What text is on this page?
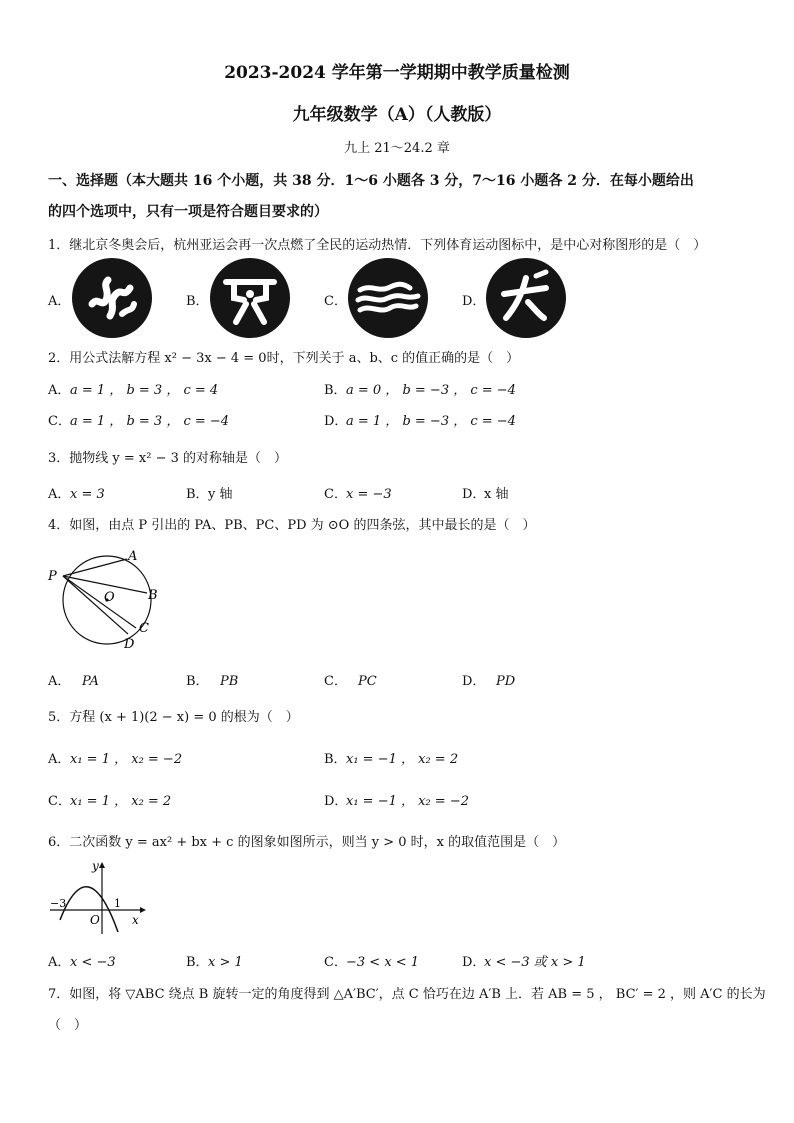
2023-2024 学年第一学期期中教学质量检测
九年级数学（A）（人教版）
九上 21～24.2 章
一、选择题（本大题共 16 个小题，共 38 分．1～6 小题各 3 分，7～16 小题各 2 分．在每小题给出
的四个选项中，只有一项是符合题目要求的）
1．继北京冬奥会后，杭州亚运会再一次点燃了全民的运动热情．下列体育运动图标中，是中心对称图形的是（　）
A．	B．	C．	D．
2．用公式法解方程 x² − 3x − 4 = 0时，下列关于 a、b、c 的值正确的是（　）
A．a = 1 ， b = 3 ， c = 4	B．a = 0 ， b = −3 ， c = −4
C．a = 1 ， b = 3 ， c = −4	D．a = 1 ， b = −3 ， c = −4
3．抛物线 y = x² − 3 的对称轴是（　）
A．x = 3	B．y 轴	C．x = −3	D．x 轴
4．如图，由点 P 引出的 PA、PB、PC、PD 为 ⊙O 的四条弦，其中最长的是（　）
P
A
O	B
C
D
A． PA	B． PB	C． PC	D． PD
5．方程 (x + 1)(2 − x) = 0 的根为（　）
A．x₁ = 1 ， x₂ = −2	B．x₁ = −1 ， x₂ = 2
C．x₁ = 1 ， x₂ = 2	D．x₁ = −1 ， x₂ = −2
6．二次函数 y = ax² + bx + c 的图象如图所示，则当 y > 0 时，x 的取值范围是（　）
y
x
O
−3	1
A．x < −3	B．x > 1	C．−3 < x < 1	D．x < −3 或 x > 1
7．如图，将 ▽ABC 绕点 B 旋转一定的角度得到 △A′BC′，点 C 恰巧在边 A′B 上．若 AB = 5 ， BC′ = 2 ，则 A′C 的长为
（　）
